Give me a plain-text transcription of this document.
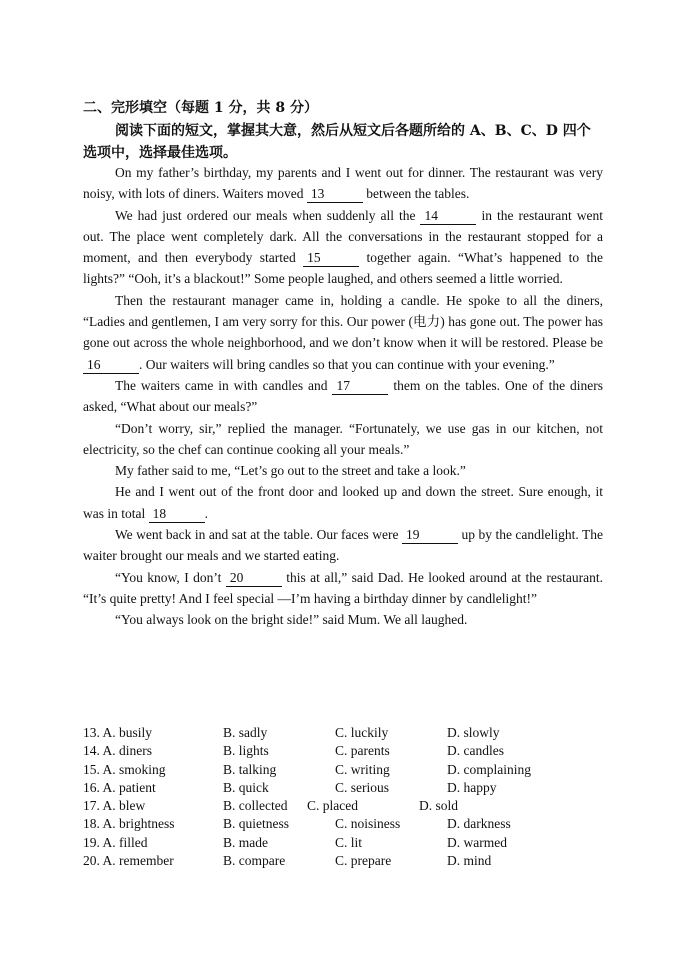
二、完形填空（每题 1 分，共 8 分）
阅读下面的短文，掌握其大意，然后从短文后各题所给的 A、B、C、D 四个选项中，选择最佳选项。

On my father’s birthday, my parents and I went out for dinner. The restaurant was very noisy, with lots of diners. Waiters moved 13	between the tables.

We had just ordered our meals when suddenly all the 14	in the restaurant went out. The place went completely dark. All the conversations in the restaurant stopped for a moment, and then everybody started 15	together again. “What’s happened to the lights?” “Ooh, it’s a blackout!” Some people laughed, and others seemed a little worried.

Then the restaurant manager came in, holding a candle. He spoke to all the diners, “Ladies and gentlemen, I am very sorry for this. Our power (电力) has gone out. The power has gone out across the whole neighborhood, and we don’t know when it will be restored. Please be 16	. Our waiters will bring candles so that you can continue with your evening.”

The waiters came in with candles and 17	them on the tables. One of the diners asked, “What about our meals?”

“Don’t worry, sir,” replied the manager. “Fortunately, we use gas in our kitchen, not electricity, so the chef can continue cooking all your meals.”

My father said to me, “Let’s go out to the street and take a look.”

He and I went out of the front door and looked up and down the street. Sure enough, it was in total 18	.

We went back in and sat at the table. Our faces were 19	up by the candlelight. The waiter brought our meals and we started eating.

“You know, I don’t 20	this at all,” said Dad. He looked around at the restaurant. “It’s quite pretty! And I feel special —I’m having a birthday dinner by candlelight!”

“You always look on the bright side!” said Mum. We all laughed.

13. A. busily	B. sadly	C. luckily	D. slowly
14. A. diners	B. lights	C. parents	D. candles
15. A. smoking	B. talking	C. writing	D. complaining
16. A. patient	B. quick	C. serious	D. happy
17. A. blew	B. collected	C. placed	D. sold
18. A. brightness	B. quietness	C. noisiness	D. darkness
19. A. filled	B. made	C. lit	D. warmed
20. A. remember	B. compare	C. prepare	D. mind
